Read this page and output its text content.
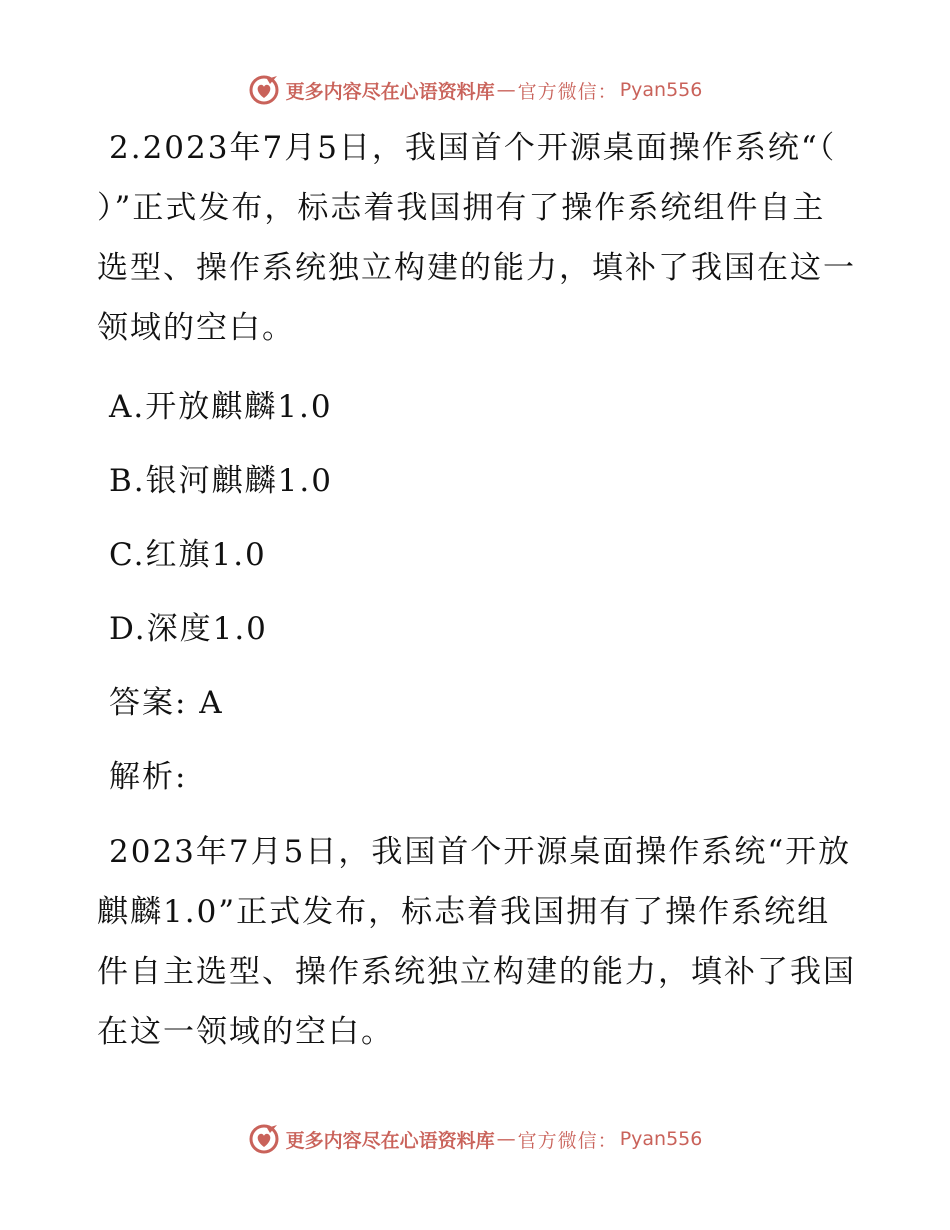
更多内容尽在心语资料库 — 官方微信： Pyan556

2.2023年7月5日，我国首个开源桌面操作系统“（ ）”正式发布，标志着我国拥有了操作系统组件自主选型、操作系统独立构建的能力，填补了我国在这一领域的空白。

A.开放麒麟1.0
B.银河麒麟1.0
C.红旗1.0
D.深度1.0
答案: A
解析:

2023年7月5日，我国首个开源桌面操作系统“开放麒麟1.0”正式发布，标志着我国拥有了操作系统组件自主选型、操作系统独立构建的能力，填补了我国在这一领域的空白。

更多内容尽在心语资料库 — 官方微信： Pyan556
